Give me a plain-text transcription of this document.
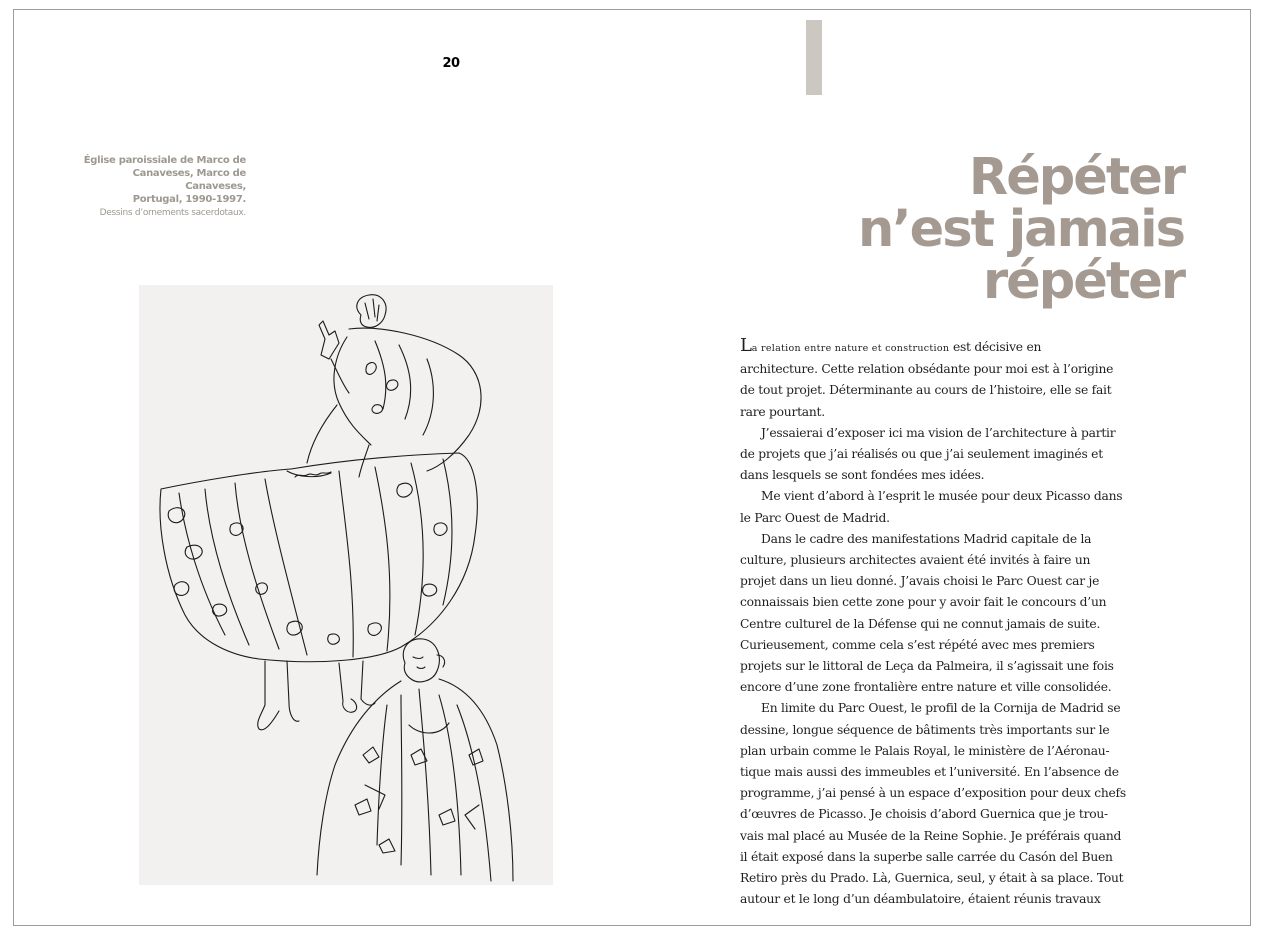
20
Église paroissiale de Marco de
Canaveses, Marco de Canaveses,
Portugal, 1990-1997.
Dessins d’ornements sacerdotaux.
Répéter
n’est jamais
répéter
La relation entre nature et construction est décisive en
architecture. Cette relation obsédante pour moi est à l’origine
de tout projet. Déterminante au cours de l’histoire, elle se fait
rare pourtant.
J’essaierai d’exposer ici ma vision de l’architecture à partir
de projets que j’ai réalisés ou que j’ai seulement imaginés et
dans lesquels se sont fondées mes idées.
Me vient d’abord à l’esprit le musée pour deux Picasso dans
le Parc Ouest de Madrid.
Dans le cadre des manifestations Madrid capitale de la
culture, plusieurs architectes avaient été invités à faire un
projet dans un lieu donné. J’avais choisi le Parc Ouest car je
connaissais bien cette zone pour y avoir fait le concours d’un
Centre culturel de la Défense qui ne connut jamais de suite.
Curieusement, comme cela s’est répété avec mes premiers
projets sur le littoral de Leça da Palmeira, il s’agissait une fois
encore d’une zone frontalière entre nature et ville consolidée.
En limite du Parc Ouest, le profil de la Cornija de Madrid se
dessine, longue séquence de bâtiments très importants sur le
plan urbain comme le Palais Royal, le ministère de l’Aéronau-
tique mais aussi des immeubles et l’université. En l’absence de
programme, j’ai pensé à un espace d’exposition pour deux chefs
d’œuvres de Picasso. Je choisis d’abord Guernica que je trou-
vais mal placé au Musée de la Reine Sophie. Je préférais quand
il était exposé dans la superbe salle carrée du Casón del Buen
Retiro près du Prado. Là, Guernica, seul, y était à sa place. Tout
autour et le long d’un déambulatoire, étaient réunis travaux
